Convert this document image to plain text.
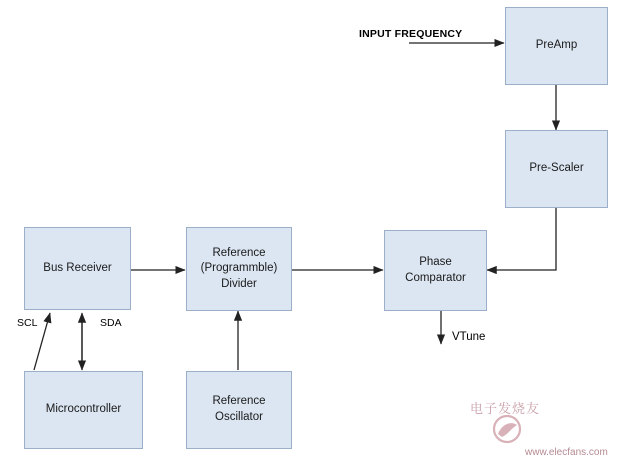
PreAmp
Pre-Scaler
Phase
Comparator
Bus Receiver
Reference
(Programmble)
Divider
Microcontroller
Reference
Oscillator
INPUT FREQUENCY
SCL	SDA
VTune
电子发烧友
www.elecfans.com
